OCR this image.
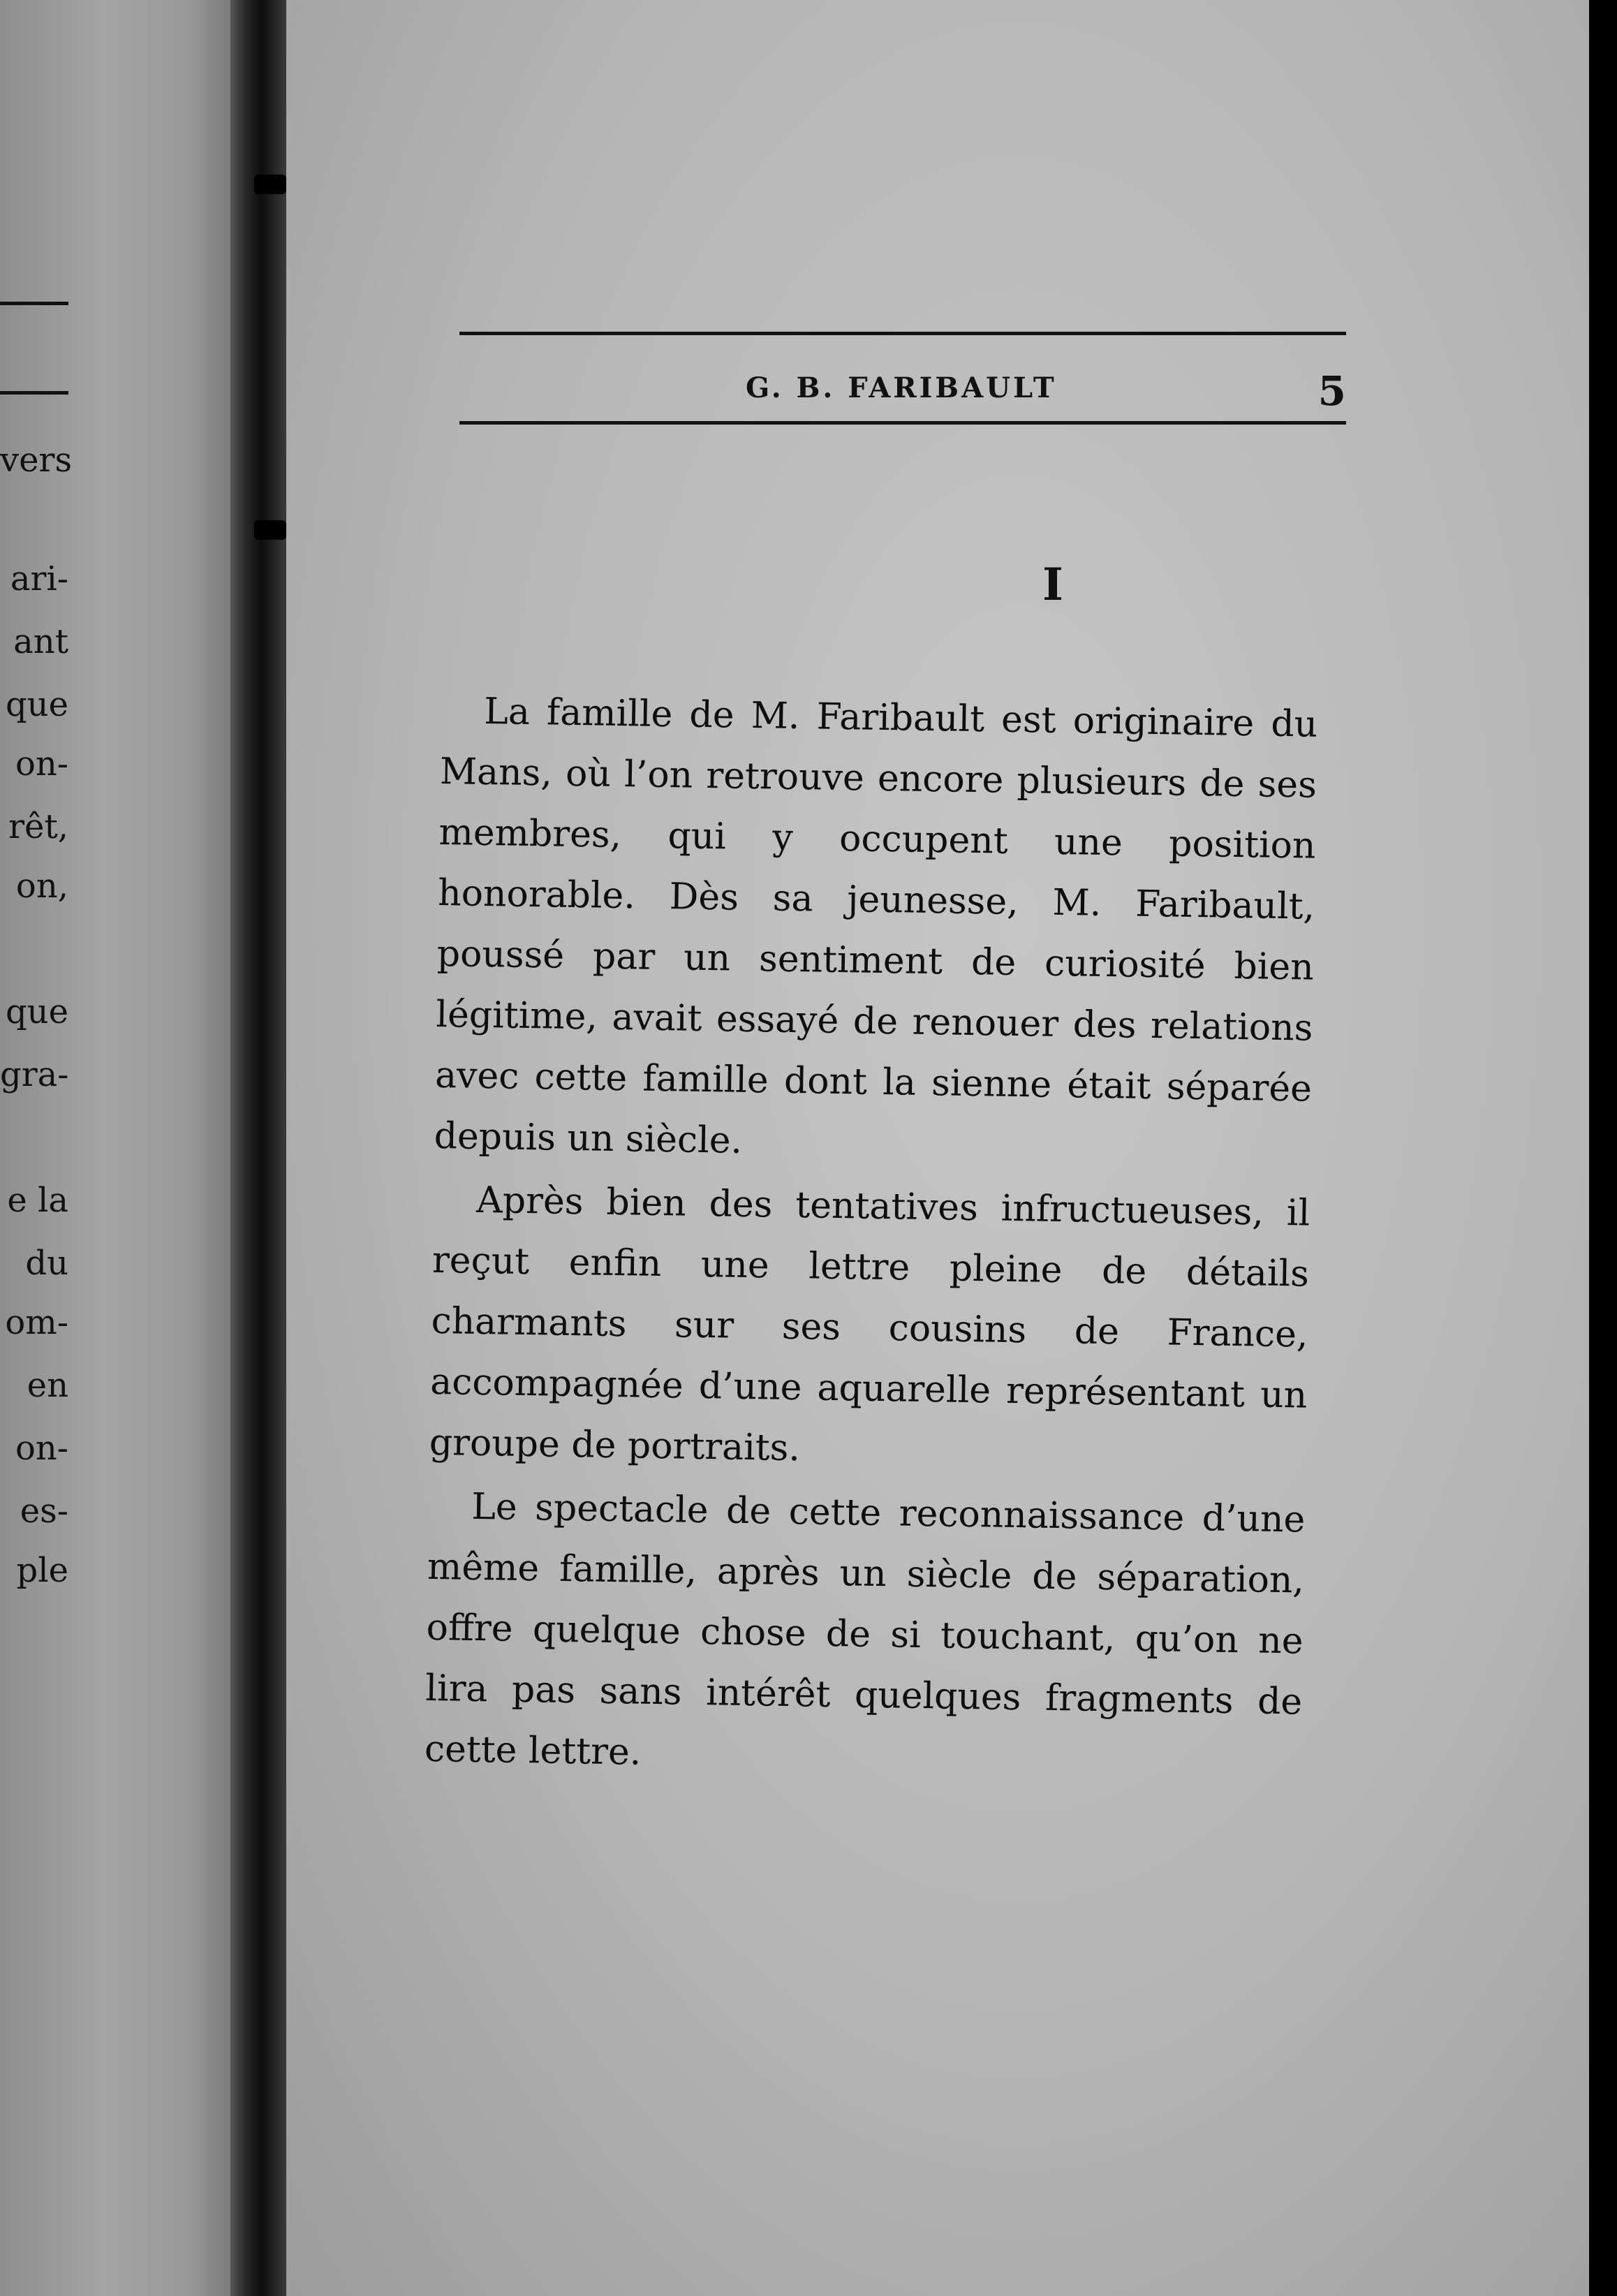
vers
ari-
ant
que
on-
rêt,
on,
que
gra-
e la
du
om-
en
on-
es-
ple
G. B. FARIBAULT	5
I

La famille de M. Faribault est originaire du Mans, où l’on retrouve encore plusieurs de ses membres, qui y occupent une position honorable. Dès sa jeunesse, M. Faribault, poussé par un sentiment de curiosité bien légitime, avait essayé de renouer des relations avec cette famille dont la sienne était séparée depuis un siècle.

Après bien des tentatives infructueuses, il reçut enfin une lettre pleine de détails charmants sur ses cousins de France, accompagnée d’une aquarelle représentant un groupe de portraits.

Le spectacle de cette reconnaissance d’une même famille, après un siècle de séparation, offre quelque chose de si touchant, qu’on ne lira pas sans intérêt quelques fragments de cette lettre.
